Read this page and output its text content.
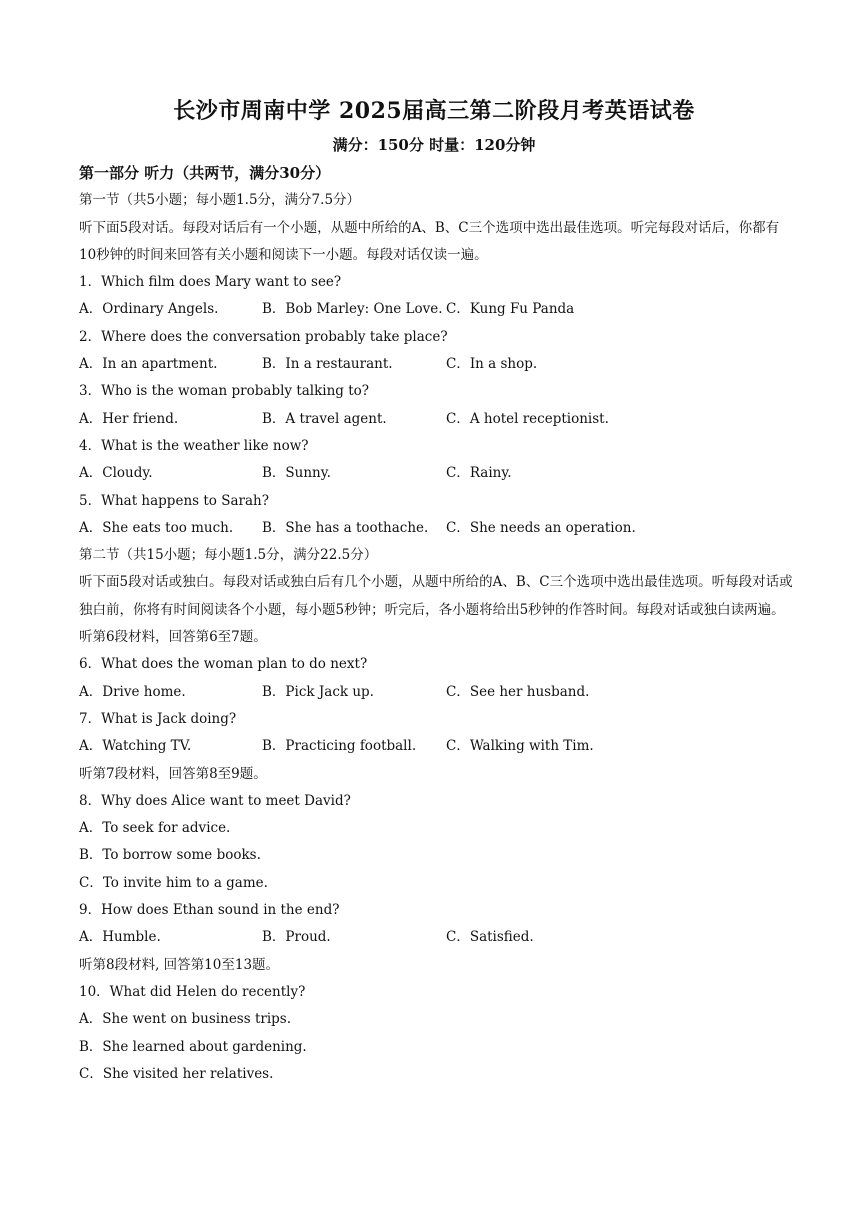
长沙市周南中学 2025届高三第二阶段月考英语试卷
满分：150分 时量：120分钟
第一部分 听力（共两节，满分30分）
第一节（共5小题；每小题1.5分，满分7.5分）
听下面5段对话。每段对话后有一个小题，从题中所给的A、B、C三个选项中选出最佳选项。听完每段对话后，你都有10秒钟的时间来回答有关小题和阅读下一小题。每段对话仅读一遍。
1．Which film does Mary want to see?
A．Ordinary Angels.	B．Bob Marley: One Love. C．Kung Fu Panda
2．Where does the conversation probably take place?
A．In an apartment.	B．In a restaurant.	C．In a shop.
3．Who is the woman probably talking to?
A．Her friend.	B．A travel agent.	C．A hotel receptionist.
4．What is the weather like now?
A．Cloudy.	B．Sunny.	C．Rainy.
5．What happens to Sarah?
A．She eats too much.	B．She has a toothache.	C．She needs an operation.
第二节（共15小题；每小题1.5分，满分22.5分）
听下面5段对话或独白。每段对话或独白后有几个小题，从题中所给的A、B、C三个选项中选出最佳选项。听每段对话或独白前，你将有时间阅读各个小题，每小题5秒钟；听完后，各小题将给出5秒钟的作答时间。每段对话或独白读两遍。
听第6段材料，回答第6至7题。
6．What does the woman plan to do next?
A．Drive home.	B．Pick Jack up.	C．See her husband.
7．What is Jack doing?
A．Watching TV.	B．Practicing football.	C．Walking with Tim.
听第7段材料，回答第8至9题。
8．Why does Alice want to meet David?
A．To seek for advice.
B．To borrow some books.
C．To invite him to a game.
9．How does Ethan sound in the end?
A．Humble.	B．Proud.	C．Satisfied.
听第8段材料, 回答第10至13题。
10．What did Helen do recently?
A．She went on business trips.
B．She learned about gardening.
C．She visited her relatives.
